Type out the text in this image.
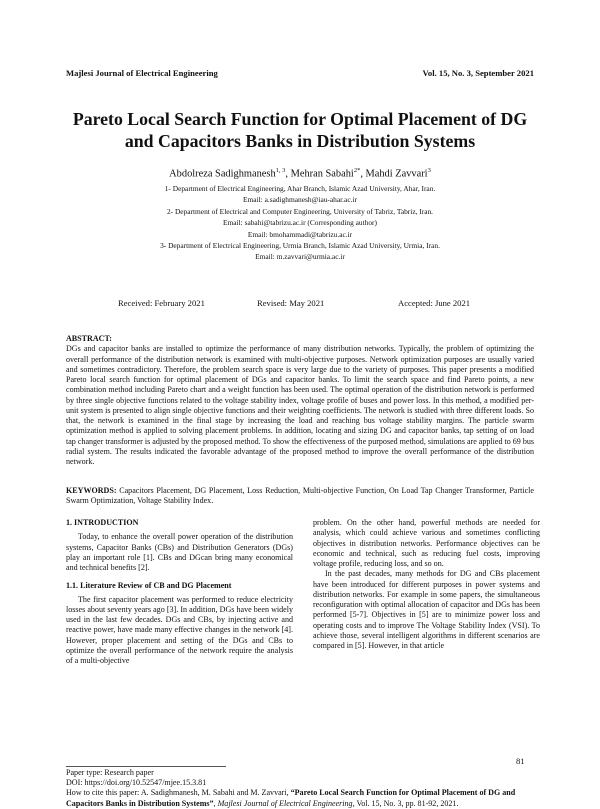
Majlesi Journal of Electrical Engineering	Vol. 15, No. 3, September 2021
Pareto Local Search Function for Optimal Placement of DG
and Capacitors Banks in Distribution Systems
Abdolreza Sadighmanesh$^{1, 3}$, Mehran Sabahi$^{2*}$, Mahdi Zavvari$^3$
1- Department of Electrical Engineering, Ahar Branch, Islamic Azad University, Ahar, Iran.
Email: a.sadighmanesh@iau-ahar.ac.ir
2- Department of Electrical and Computer Engineering, University of Tabriz, Tabriz, Iran.
Email: sabahi@tabrizu.ac.ir (Corresponding author)
Email: bmohammadi@tabrizu.ac.ir
3- Department of Electrical Engineering, Urmia Branch, Islamic Azad University, Urmia, Iran.
Email: m.zavvari@urmia.ac.ir
Received: February 2021	Revised: May 2021	Accepted: June 2021
ABSTRACT:
DGs and capacitor banks are installed to optimize the performance of many distribution networks. Typically, the problem of optimizing the overall performance of the distribution network is examined with multi-objective purposes. Network optimization purposes are usually varied and sometimes contradictory. Therefore, the problem search space is very large due to the variety of purposes. This paper presents a modified Pareto local search function for optimal placement of DGs and capacitor banks. To limit the search space and find Pareto points, a new combination method including Pareto chart and a weight function has been used. The optimal operation of the distribution network is performed by three single objective functions related to the voltage stability index, voltage profile of buses and power loss. In this method, a modified per-unit system is presented to align single objective functions and their weighting coefficients. The network is studied with three different loads. So that, the network is examined in the final stage by increasing the load and reaching bus voltage stability margins. The particle swarm optimization method is applied to solving placement problems. In addition, locating and sizing DG and capacitor banks, tap setting of on load tap changer transformer is adjusted by the proposed method. To show the effectiveness of the purposed method, simulations are applied to 69 bus radial system. The results indicated the favorable advantage of the proposed method to improve the overall performance of the distribution network.
KEYWORDS: Capacitors Placement, DG Placement, Loss Reduction, Multi-objective Function, On Load Tap Changer Transformer, Particle Swarm Optimization, Voltage Stability Index.
1. INTRODUCTION

Today, to enhance the overall power operation of the distribution systems, Capacitor Banks (CBs) and Distribution Generators (DGs) play an important role [1]. CBs and DGcan bring many economical and technical benefits [2].

1.1. Literature Review of CB and DG Placement

The first capacitor placement was performed to reduce electricity losses about seventy years ago [3]. In addition, DGs have been widely used in the last few decades. DGs and CBs, by injecting active and reactive power, have made many effective changes in the network [4]. However, proper placement and setting of the DGs and CBs to optimize the overall performance of the network require the analysis of a multi-objective

problem. On the other hand, powerful methods are needed for analysis, which could achieve various and sometimes conflicting objectives in distribution networks. Performance objectives can be economic and technical, such as reducing fuel costs, improving voltage profile, reducing loss, and so on.

In the past decades, many methods for DG and CBs placement have been introduced for different purposes in power systems and distribution networks. For example in some papers, the simultaneous reconfiguration with optimal allocation of capacitor and DGs has been performed [5-7]. Objectives in [5] are to minimize power loss and operating costs and to improve The Voltage Stability Index (VSI). To achieve those, several intelligent algorithms in different scenarios are compared in [5]. However, in that article

81
Paper type: Research paper
DOI: https://doi.org/10.52547/mjee.15.3.81
How to cite this paper: A. Sadighmanesh, M. Sabahi and M. Zavvari, “Pareto Local Search Function for Optimal Placement of DG and Capacitors Banks in Distribution Systems”, Majlesi Journal of Electrical Engineering, Vol. 15, No. 3, pp. 81-92, 2021.
